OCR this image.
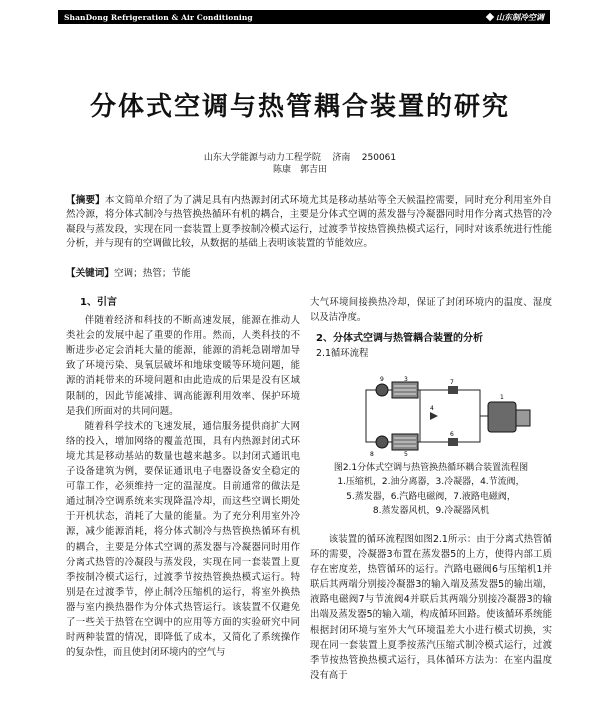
ShanDong Refrigeration & Air Conditioning	山东制冷空调
分体式空调与热管耦合装置的研究
山东大学能源与动力工程学院 济南 250061
陈康　郭吉田
【摘要】本文简单介绍了为了满足具有内热源封闭式环境尤其是移动基站等全天候温控需要，同时充分利用室外自然冷源，将分体式制冷与热管换热循环有机的耦合，主要是分体式空调的蒸发器与冷凝器同时用作分离式热管的冷凝段与蒸发段，实现在同一套装置上夏季按制冷模式运行，过渡季节按热管换热模式运行，同时对该系统进行性能分析，并与现有的空调做比较，从数据的基础上表明该装置的节能效应。
【关键词】空调；热管；节能
1、引言

伴随着经济和科技的不断高速发展，能源在推动人类社会的发展中起了重要的作用。然而，人类科技的不断进步必定会消耗大量的能源，能源的消耗急剧增加导致了环境污染、臭氧层破坏和地球变暖等环境问题，能源的消耗带来的环境问题和由此造成的后果是没有区域限制的，因此节能减排、调高能源利用效率、保护环境是我们所面对的共同问题。

随着科学技术的飞速发展，通信服务提供商扩大网络的投入，增加网络的覆盖范围，具有内热源封闭式环境尤其是移动基站的数量也越来越多。以封闭式通讯电子设备建筑为例，要保证通讯电子电器设备安全稳定的可靠工作，必须维持一定的温湿度。目前通常的做法是通过制冷空调系统来实现降温冷却，而这些空调长期处于开机状态，消耗了大量的能量。为了充分利用室外冷源，减少能源消耗，将分体式制冷与热管换热循环有机的耦合，主要是分体式空调的蒸发器与冷凝器同时用作分离式热管的冷凝段与蒸发段，实现在同一套装置上夏季按制冷模式运行，过渡季节按热管换热模式运行。特别是在过渡季节，停止制冷压缩机的运行，将室外换热器与室内换热器作为分体式热管运行。该装置不仅避免了一些关于热管在空调中的应用等方面的实验研究中同时两种装置的情况，即降低了成本，又简化了系统操作的复杂性，而且使封闭环境内的空气与

大气环境间接换热冷却，保证了封闭环境内的温度、湿度以及洁净度。

2、分体式空调与热管耦合装置的分析
2.1循环流程
9	3	7
4
6
5
8
1
图2.1分体式空调与热管换热循环耦合装置流程图
1.压缩机，2.油分离器，3.冷凝器，4.节流阀，
5.蒸发器，6.汽路电磁阀，7.液路电磁阀，
8.蒸发器风机，9.冷凝器风机

该装置的循环流程图如图2.1所示：由于分离式热管循环的需要，冷凝器3布置在蒸发器5的上方，使得内部工质存在密度差，热管循环的运行。汽路电磁阀6与压缩机1并联后其两端分别接冷凝器3的输入端及蒸发器5的输出端，液路电磁阀7与节流阀4并联后其两端分别接冷凝器3的输出端及蒸发器5的输入端，构成循环回路。使该循环系统能根据封闭环境与室外大气环境温差大小进行模式切换，实现在同一套装置上夏季按蒸汽压缩式制冷模式运行，过渡季节按热管换热模式运行，具体循环方法为：在室内温度没有高于
